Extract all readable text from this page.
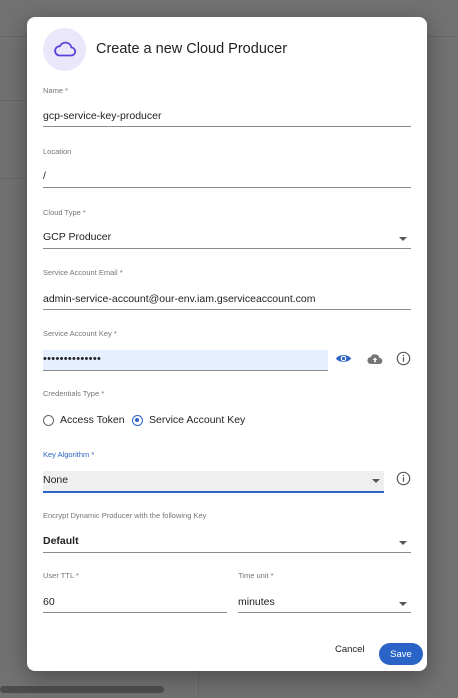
Create a new Cloud Producer
Name *
gcp-service-key-producer
Location
/
Cloud Type *
GCP Producer
Service Account Email *
admin-service-account@our-env.iam.gserviceaccount.com
Service Account Key *
••••••••••••••
Credentials Type *
Access Token Service Account Key
Key Algorithm *
None
Encrypt Dynamic Producer with the following Key
Default
User TTL *
60
Time unit *
minutes
Cancel	Save
